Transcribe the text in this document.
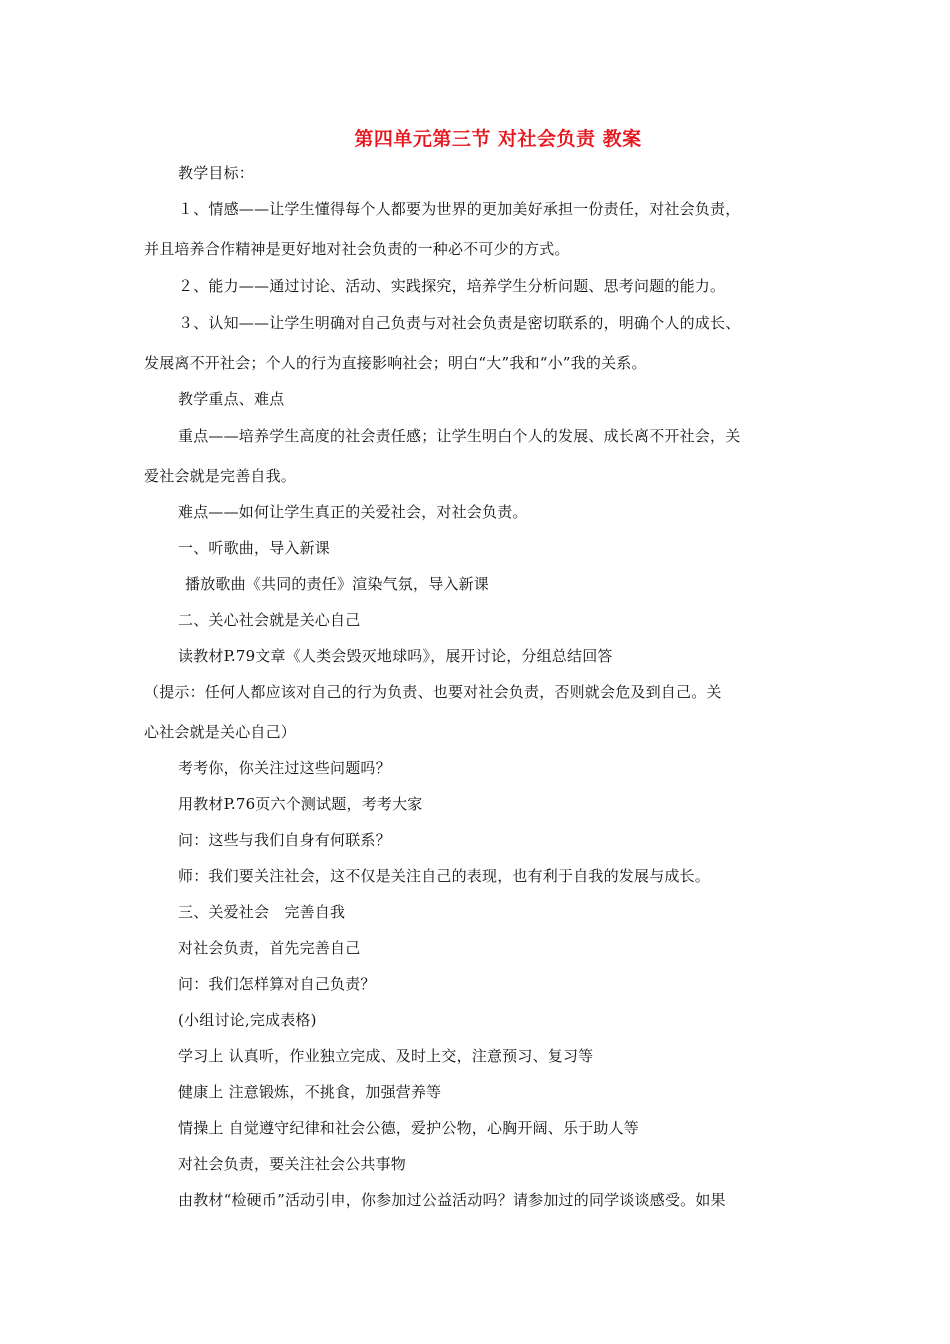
第四单元第三节 对社会负责 教案
教学目标：
１、情感——让学生懂得每个人都要为世界的更加美好承担一份责任，对社会负责，
并且培养合作精神是更好地对社会负责的一种必不可少的方式。
２、能力——通过讨论、活动、实践探究，培养学生分析问题、思考问题的能力。
３、认知——让学生明确对自己负责与对社会负责是密切联系的，明确个人的成长、
发展离不开社会；个人的行为直接影响社会；明白“大”我和“小”我的关系。
教学重点、难点
重点——培养学生高度的社会责任感；让学生明白个人的发展、成长离不开社会，关
爱社会就是完善自我。
难点——如何让学生真正的关爱社会，对社会负责。
一、听歌曲，导入新课
播放歌曲《共同的责任》渲染气氛，导入新课
二、关心社会就是关心自己
读教材P.79文章《人类会毁灭地球吗》，展开讨论，分组总结回答
（提示：任何人都应该对自己的行为负责、也要对社会负责，否则就会危及到自己。关
心社会就是关心自己）
考考你，你关注过这些问题吗？
用教材P.76页六个测试题，考考大家
问：这些与我们自身有何联系？
师：我们要关注社会，这不仅是关注自己的表现，也有利于自我的发展与成长。
三、关爱社会　完善自我
对社会负责，首先完善自己
问：我们怎样算对自己负责？
(小组讨论,完成表格)
学习上 认真听，作业独立完成、及时上交，注意预习、复习等
健康上 注意锻炼，不挑食，加强营养等
情操上 自觉遵守纪律和社会公德，爱护公物，心胸开阔、乐于助人等
对社会负责，要关注社会公共事物
由教材“检硬币”活动引申，你参加过公益活动吗？请参加过的同学谈谈感受。如果
